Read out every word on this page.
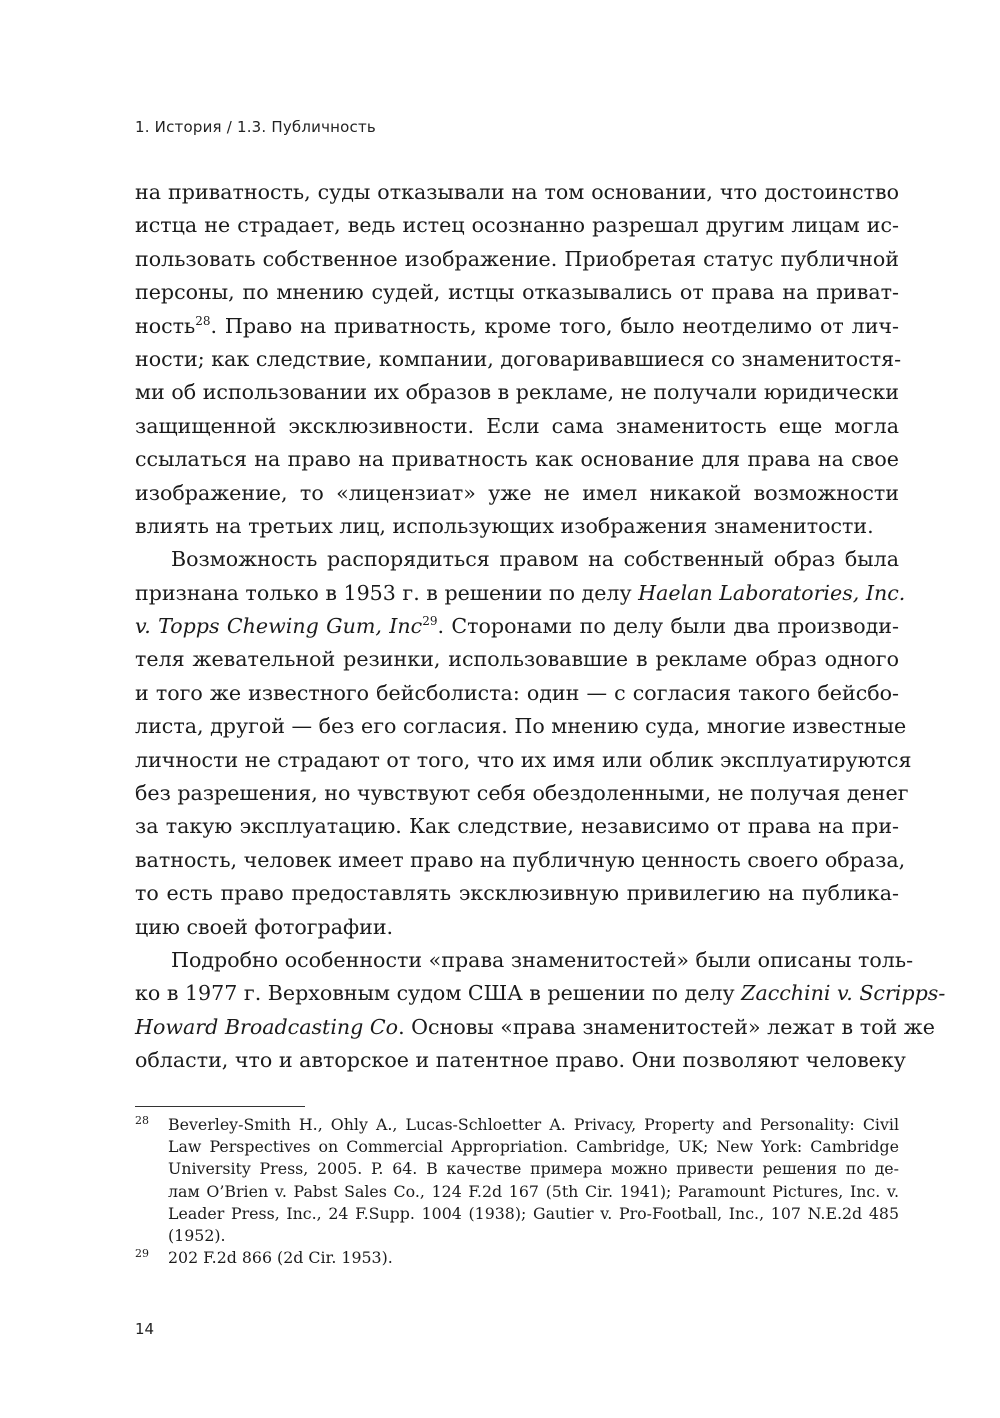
1. История / 1.3. Публичность
на приватность, суды отказывали на том основании, что достоинство
истца не страдает, ведь истец осознанно разрешал другим лицам ис-
пользовать собственное изображение. Приобретая статус публичной
персоны, по мнению судей, истцы отказывались от права на приват-
ность$^{28}$. Право на приватность, кроме того, было неотделимо от лич-
ности; как следствие, компании, договаривавшиеся со знаменитостя-
ми об использовании их образов в рекламе, не получали юридически
защищенной эксклюзивности. Если сама знаменитость еще могла
ссылаться на право на приватность как основание для права на свое
изображение, то «лицензиат» уже не имел никакой возможности
влиять на третьих лиц, использующих изображения знаменитости.
Возможность распорядиться правом на собственный образ была
признана только в 1953 г. в решении по делу Haelan Laboratories, Inc.
v. Topps Chewing Gum, Inc$^{29}$. Сторонами по делу были два производи-
теля жевательной резинки, использовавшие в рекламе образ одного
и того же известного бейсболиста: один — с согласия такого бейсбо-
листа, другой — без его согласия. По мнению суда, многие известные
личности не страдают от того, что их имя или облик эксплуатируются
без разрешения, но чувствуют себя обездоленными, не получая денег
за такую эксплуатацию. Как следствие, независимо от права на при-
ватность, человек имеет право на публичную ценность своего образа,
то есть право предоставлять эксклюзивную привилегию на публика-
цию своей фотографии.
Подробно особенности «права знаменитостей» были описаны толь-
ко в 1977 г. Верховным судом США в решении по делу Zacchini v. Scripps-
Howard Broadcasting Co. Основы «права знаменитостей» лежат в той же
области, что и авторское и патентное право. Они позволяют человеку
28 Beverley-Smith H., Ohly A., Lucas-Schloetter A. Privacy, Property and Personality: Civil
Law Perspectives on Commercial Appropriation. Cambridge, UK; New York: Cambridge
University Press, 2005. P. 64. В качестве примера можно привести решения по де-
лам O’Brien v. Pabst Sales Co., 124 F.2d 167 (5th Cir. 1941); Paramount Pictures, Inc. v.
Leader Press, Inc., 24 F.Supp. 1004 (1938); Gautier v. Pro-Football, Inc., 107 N.E.2d 485
(1952).
29 202 F.2d 866 (2d Cir. 1953).
14
